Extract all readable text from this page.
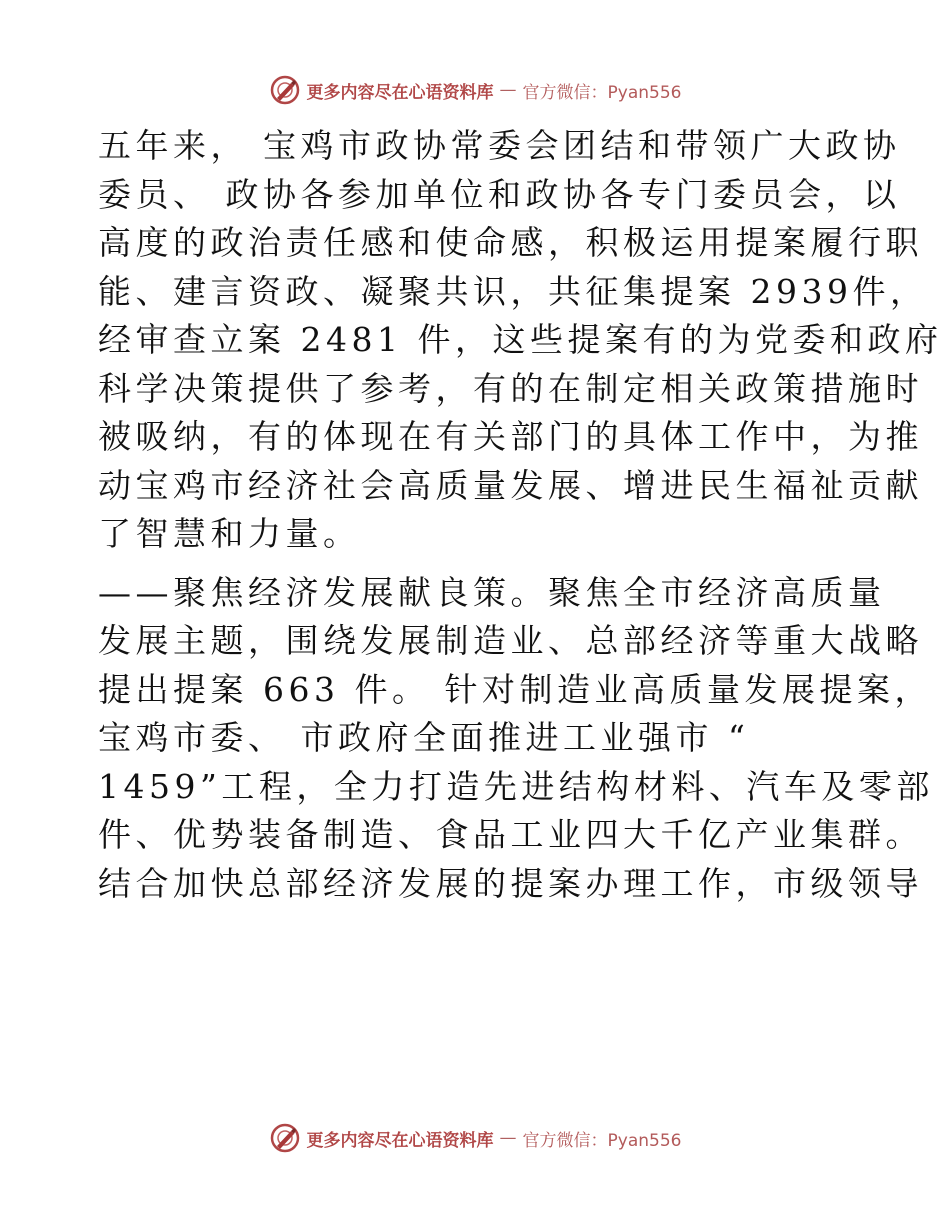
更多内容尽在心语资料库 — 官方微信：Pyan556

五年来， 宝鸡市政协常委会团结和带领广大政协
委员、 政协各参加单位和政协各专门委员会，以
高度的政治责任感和使命感，积极运用提案履行职
能、建言资政、凝聚共识，共征集提案 2939件，
经审查立案 2481 件，这些提案有的为党委和政府
科学决策提供了参考，有的在制定相关政策措施时
被吸纳，有的体现在有关部门的具体工作中，为推
动宝鸡市经济社会高质量发展、增进民生福祉贡献
了智慧和力量。

——聚焦经济发展献良策。聚焦全市经济高质量
发展主题，围绕发展制造业、总部经济等重大战略
提出提案 663 件。 针对制造业高质量发展提案，
宝鸡市委、 市政府全面推进工业强市 “
1459”工程，全力打造先进结构材料、汽车及零部
件、优势装备制造、食品工业四大千亿产业集群。
结合加快总部经济发展的提案办理工作，市级领导

更多内容尽在心语资料库 — 官方微信：Pyan556
